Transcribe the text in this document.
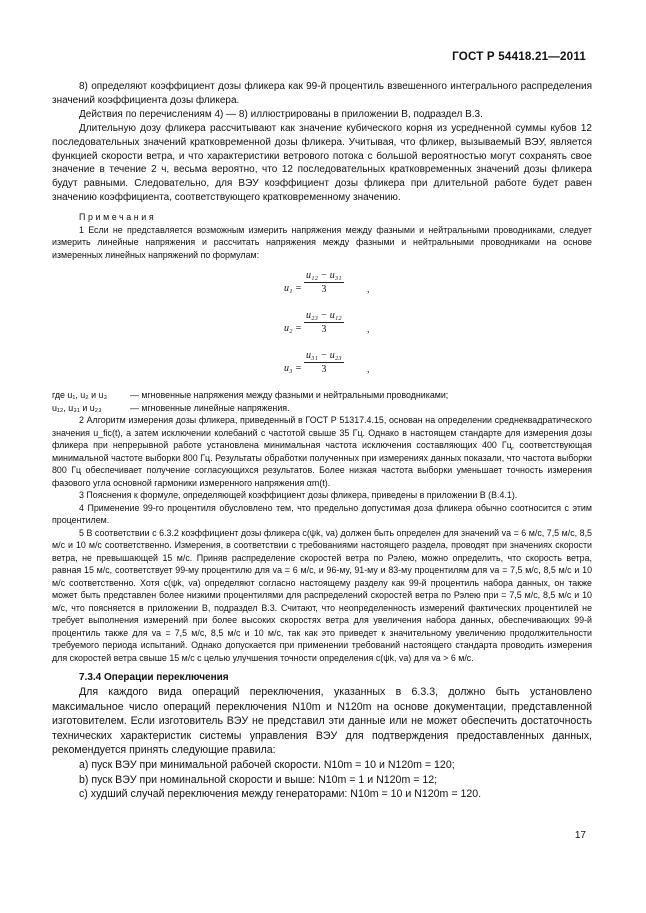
ГОСТ Р 54418.21—2011

8) определяют коэффициент дозы фликера как 99-й процентиль взвешенного интегрального распределения значений коэффициента дозы фликера.

Действия по перечислениям 4) — 8) иллюстрированы в приложении В, подраздел В.3.

Длительную дозу фликера рассчитывают как значение кубического корня из усредненной суммы кубов 12 последовательных значений кратковременной дозы фликера. Учитывая, что фликер, вызываемый ВЭУ, является функцией скорости ветра, и что характеристики ветрового потока с большой вероятностью могут сохранять свое значение в течение 2 ч, весьма вероятно, что 12 последовательных кратковременных значений дозы фликера будут равными. Следовательно, для ВЭУ коэффициент дозы фликера при длительной работе будет равен значению коэффициента, соответствующего кратковременному значению.

Примечания

1 Если не представляется возможным измерить напряжения между фазными и нейтральными проводниками, следует измерить линейные напряжения и рассчитать напряжения между фазными и нейтральными проводниками на основе измеренных линейных напряжений по формулам:

$u_1 = \frac{\text{u₁₂ − u₃₁}}{3}$ ,
$u_2 = \frac{\text{u₂₃ − u₁₂}}{3}$ ,
$u_3 = \frac{\text{u₃₁ − u₂₃}}{3}$ ,
где u₁, u₂ и u₃	— мгновенные напряжения между фазными и нейтральными проводниками;
u₁₂, u₃₁ и u₂₃	— мгновенные линейные напряжения.

2 Алгоритм измерения дозы фликера, приведенный в ГОСТ Р 51317.4.15, основан на определении среднеквадратического значения u_fic(t), а затем исключении колебаний с частотой свыше 35 Гц. Однако в настоящем стандарте для измерения дозы фликера при непрерывной работе установлена минимальная частота исключения составляющих 400 Гц, соответствующая минимальной частоте выборки 800 Гц. Результаты обработки полученных при измерениях данных показали, что частота выборки 800 Гц обеспечивает получение согласующихся результатов. Более низкая частота выборки уменьшает точность измерения фазового угла основной гармоники измеренного напряжения αm(t).

3 Пояснения к формуле, определяющей коэффициент дозы фликера, приведены в приложении В (В.4.1).

4 Применение 99-го процентиля обусловлено тем, что предельно допустимая доза фликера обычно соотносится с этим процентилем.

5 В соответствии с 6.3.2 коэффициент дозы фликера c(ψk, va) должен быть определен для значений va = 6 м/с, 7,5 м/с, 8,5 м/с и 10 м/с соответственно. Измерения, в соответствии с требованиями настоящего раздела, проводят при значениях скорости ветра, не превышающей 15 м/с. Приняв распределение скоростей ветра по Рэлею, можно определить, что скорость ветра, равная 15 м/с, соответствует 99-му процентилю для va = 6 м/с, и 96-му, 91-му и 83-му процентилям для va = 7,5 м/с, 8,5 м/с и 10 м/с соответственно. Хотя c(ψk, va) определяют согласно настоящему разделу как 99-й процентиль набора данных, он также может быть представлен более низкими процентилями для распределений скоростей ветра по Рэлею при = 7,5 м/с, 8,5 м/с и 10 м/с, что поясняется в приложении В, подраздел В.3. Считают, что неопределенность измерений фактических процентилей не требует выполнения измерений при более высоких скоростях ветра для увеличения набора данных, обеспечивающих 99-й процентиль также для va = 7,5 м/с, 8,5 м/с и 10 м/с, так как это приведет к значительному увеличению продолжительности требуемого периода испытаний. Однако допускается при применении требований настоящего стандарта проводить измерения для скоростей ветра свыше 15 м/с с целью улучшения точности определения c(ψk, va) для va > 6 м/с.

7.3.4 Операции переключения

Для каждого вида операций переключения, указанных в 6.3.3, должно быть установлено максимальное число операций переключения N10m и N120m на основе документации, представленной изготовителем. Если изготовитель ВЭУ не представил эти данные или не может обеспечить достаточность технических характеристик системы управления ВЭУ для подтверждения предоставленных данных, рекомендуется принять следующие правила:

а) пуск ВЭУ при минимальной рабочей скорости. N10m = 10 и N120m = 120;

b) пуск ВЭУ при номинальной скорости и выше: N10m = 1 и N120m = 12;

c) худший случай переключения между генераторами: N10m = 10 и N120m = 120.

17
